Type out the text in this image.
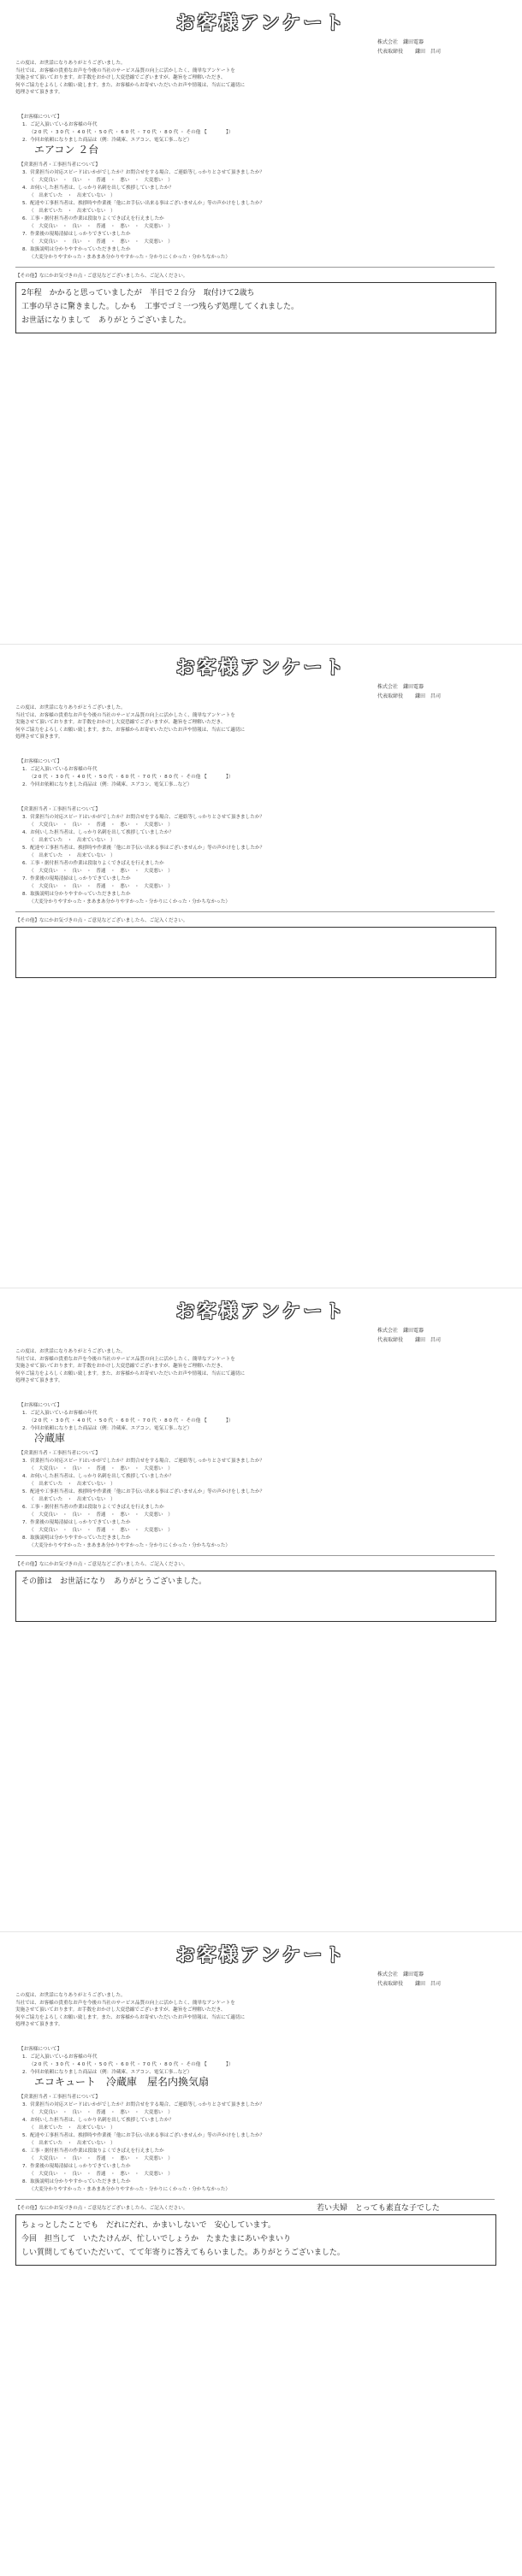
お客様アンケート
株式会社　鎌田電器
代表取締役 鎌田　昌司
この度は、お世話になりありがとうございました。
当社では、お客様の貴重なお声を今後の当社のサービス品質の向上に活かしたく、簡単なアンケートを
実施させて頂いております。お手数をおかけし大変恐縮でございますが、趣旨をご理解いただき、
何卒ご協力をよろしくお願い致します。また、お客様からお寄せいただいたお声や情報は、当店にて適切に
処理させて頂きます。
【お客様について】
1．ご記入頂いているお客様の年代
（2 0 代 ・ 3 0 代 ・ 4 0 代 ・ 5 0 代 ・ 6 0 代 ・ 7 0 代 ・ 8 0 代 ・ その他 【　　　　】）
2．今回お依頼になりました商品は（例：冷蔵庫、エアコン、電気工事...など）
エアコン ２台
【営業担当者・工事担当者について】
3．営業担当の対応スピードはいかがでしたか？お問合せをする場合、ご連絡等しっかりとさせて頂きましたか？
（　大変良い　・　良い　・　普通　・　悪い　・　大変悪い　）
4．お伺いした担当者は、しっかり名刺を出して挨拶していましたか？
（　出来ていた　・　出来ていない　）
5．配達や工事担当者は、挨拶時や作業後「他にお手伝い出来る事はございませんか」等の声かけをしましたか？
（　出来ていた　・　出来ていない　）
6．工事・据付担当者の作業は段取りよくできばえを行えましたか
（　大変良い　・　良い　・　普通　・　悪い　・　大変悪い　）
7．作業後の現場清掃はしっかりできていましたか
（　大変良い　・　良い　・　普通　・　悪い　・　大変悪い　）
8．取扱説明は分かりやすかっていただきましたか
（大変分かりやすかった・まあまあ分かりやすかった・分かりにくかった・分かちなかった）
【その他】なにかお気づきの点・ご意見などございましたら、ご記入ください。
2年程　かかると思っていましたが　半日で２台分　取付けて2歳ち
工事の早さに驚きました。しかも　工事でゴミ一つ残らず処理してくれました。
お世話になりまして　ありがとうございました。
お客様アンケート
株式会社　鎌田電器
代表取締役 鎌田　昌司
この度は、お世話になりありがとうございました。
当社では、お客様の貴重なお声を今後の当社のサービス品質の向上に活かしたく、簡単なアンケートを
実施させて頂いております。お手数をおかけし大変恐縮でございますが、趣旨をご理解いただき、
何卒ご協力をよろしくお願い致します。また、お客様からお寄せいただいたお声や情報は、当店にて適切に
処理させて頂きます。
【お客様について】
1．ご記入頂いているお客様の年代
（2 0 代 ・ 3 0 代 ・ 4 0 代 ・ 5 0 代 ・ 6 0 代 ・ 7 0 代 ・ 8 0 代 ・ その他 【　　　　】）
2．今回お依頼になりました商品は（例：冷蔵庫、エアコン、電気工事...など）
【営業担当者・工事担当者について】
3．営業担当の対応スピードはいかがでしたか？お問合せをする場合、ご連絡等しっかりとさせて頂きましたか？
（　大変良い　・　良い　・　普通　・　悪い　・　大変悪い　）
4．お伺いした担当者は、しっかり名刺を出して挨拶していましたか？
（　出来ていた　・　出来ていない　）
5．配達や工事担当者は、挨拶時や作業後「他にお手伝い出来る事はございませんか」等の声かけをしましたか？
（　出来ていた　・　出来ていない　）
6．工事・据付担当者の作業は段取りよくできばえを行えましたか
（　大変良い　・　良い　・　普通　・　悪い　・　大変悪い　）
7．作業後の現場清掃はしっかりできていましたか
（　大変良い　・　良い　・　普通　・　悪い　・　大変悪い　）
8．取扱説明は分かりやすかっていただきましたか
（大変分かりやすかった・まあまあ分かりやすかった・分かりにくかった・分かちなかった）
【その他】なにかお気づきの点・ご意見などございましたら、ご記入ください。
お客様アンケート
株式会社　鎌田電器
代表取締役 鎌田　昌司
この度は、お世話になりありがとうございました。
当社では、お客様の貴重なお声を今後の当社のサービス品質の向上に活かしたく、簡単なアンケートを
実施させて頂いております。お手数をおかけし大変恐縮でございますが、趣旨をご理解いただき、
何卒ご協力をよろしくお願い致します。また、お客様からお寄せいただいたお声や情報は、当店にて適切に
処理させて頂きます。
【お客様について】
1．ご記入頂いているお客様の年代
（2 0 代 ・ 3 0 代 ・ 4 0 代 ・ 5 0 代 ・ 6 0 代 ・ 7 0 代 ・ 8 0 代 ・ その他 【　　　　】）
2．今回お依頼になりました商品は（例：冷蔵庫、エアコン、電気工事...など）
冷蔵庫
【営業担当者・工事担当者について】
3．営業担当の対応スピードはいかがでしたか？お問合せをする場合、ご連絡等しっかりとさせて頂きましたか？
（　大変良い　・　良い　・　普通　・　悪い　・　大変悪い　）
4．お伺いした担当者は、しっかり名刺を出して挨拶していましたか？
（　出来ていた　・　出来ていない　）
5．配達や工事担当者は、挨拶時や作業後「他にお手伝い出来る事はございませんか」等の声かけをしましたか？
（　出来ていた　・　出来ていない　）
6．工事・据付担当者の作業は段取りよくできばえを行えましたか
（　大変良い　・　良い　・　普通　・　悪い　・　大変悪い　）
7．作業後の現場清掃はしっかりできていましたか
（　大変良い　・　良い　・　普通　・　悪い　・　大変悪い　）
8．取扱説明は分かりやすかっていただきましたか
（大変分かりやすかった・まあまあ分かりやすかった・分かりにくかった・分かちなかった）
【その他】なにかお気づきの点・ご意見などございましたら、ご記入ください。
その節は　お世話になり　ありがとうございました。
お客様アンケート
株式会社　鎌田電器
代表取締役 鎌田　昌司
この度は、お世話になりありがとうございました。
当社では、お客様の貴重なお声を今後の当社のサービス品質の向上に活かしたく、簡単なアンケートを
実施させて頂いております。お手数をおかけし大変恐縮でございますが、趣旨をご理解いただき、
何卒ご協力をよろしくお願い致します。また、お客様からお寄せいただいたお声や情報は、当店にて適切に
処理させて頂きます。
【お客様について】
1．ご記入頂いているお客様の年代
（2 0 代 ・ 3 0 代 ・ 4 0 代 ・ 5 0 代 ・ 6 0 代 ・ 7 0 代 ・ 8 0 代 ・ その他 【　　　　】）
2．今回お依頼になりました商品は（例：冷蔵庫、エアコン、電気工事...など）
エコキュート　冷蔵庫　屋名内換気扇
【営業担当者・工事担当者について】
3．営業担当の対応スピードはいかがでしたか？お問合せをする場合、ご連絡等しっかりとさせて頂きましたか？
（　大変良い　・　良い　・　普通　・　悪い　・　大変悪い　）
4．お伺いした担当者は、しっかり名刺を出して挨拶していましたか？
（　出来ていた　・　出来ていない　）
5．配達や工事担当者は、挨拶時や作業後「他にお手伝い出来る事はございませんか」等の声かけをしましたか？
（　出来ていた　・　出来ていない　）
6．工事・据付担当者の作業は段取りよくできばえを行えましたか
（　大変良い　・　良い　・　普通　・　悪い　・　大変悪い　）
7．作業後の現場清掃はしっかりできていましたか
（　大変良い　・　良い　・　普通　・　悪い　・　大変悪い　）
8．取扱説明は分かりやすかっていただきましたか
（大変分かりやすかった・まあまあ分かりやすかった・分かりにくかった・分かちなかった）
【その他】なにかお気づきの点・ご意見などございましたら、ご記入ください。
ちょっとしたことでも　だれにだれ、かまいしないで　安心しています。
今回　担当して　いたたけんが、忙しいでしょうか　たまたまにあいやまいり
しい質問してもていただいて、てて年寄りに答えてもらいました。ありがとうございました。
若い夫婦　とっても素直な子でした
